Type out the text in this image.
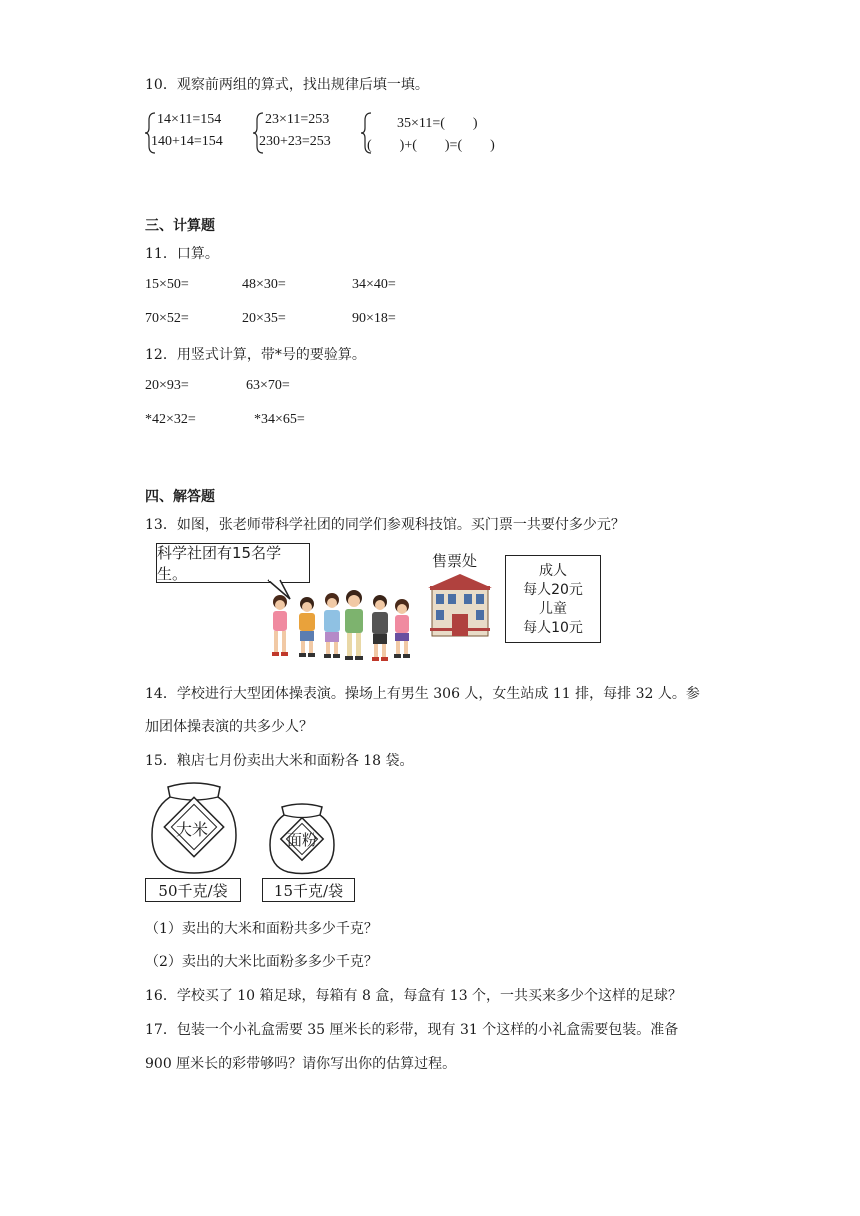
10．观察前两组的算式，找出规律后填一填。
14×11=154
140+14=154
23×11=253
230+23=253
35×11=(　　)
(　　)+(　　)=(　　)
三、计算题
11．口算。
15×50=	48×30=	34×40=
70×52=	20×35=	90×18=
12．用竖式计算，带*号的要验算。
20×93=	63×70=
*42×32=	*34×65=
四、解答题
13．如图，张老师带科学社团的同学们参观科技馆。买门票一共要付多少元？
科学社团有15名学生。
售票处
成人
每人20元
儿童
每人10元
14．学校进行大型团体操表演。操场上有男生 306 人，女生站成 11 排，每排 32 人。参
加团体操表演的共多少人？
15．粮店七月份卖出大米和面粉各 18 袋。
大米
面粉
50千克/袋	15千克/袋
（1）卖出的大米和面粉共多少千克？
（2）卖出的大米比面粉多多少千克？
16．学校买了 10 箱足球，每箱有 8 盒，每盒有 13 个，一共买来多少个这样的足球？
17．包装一个小礼盒需要 35 厘米长的彩带，现有 31 个这样的小礼盒需要包装。准备
900 厘米长的彩带够吗？请你写出你的估算过程。
